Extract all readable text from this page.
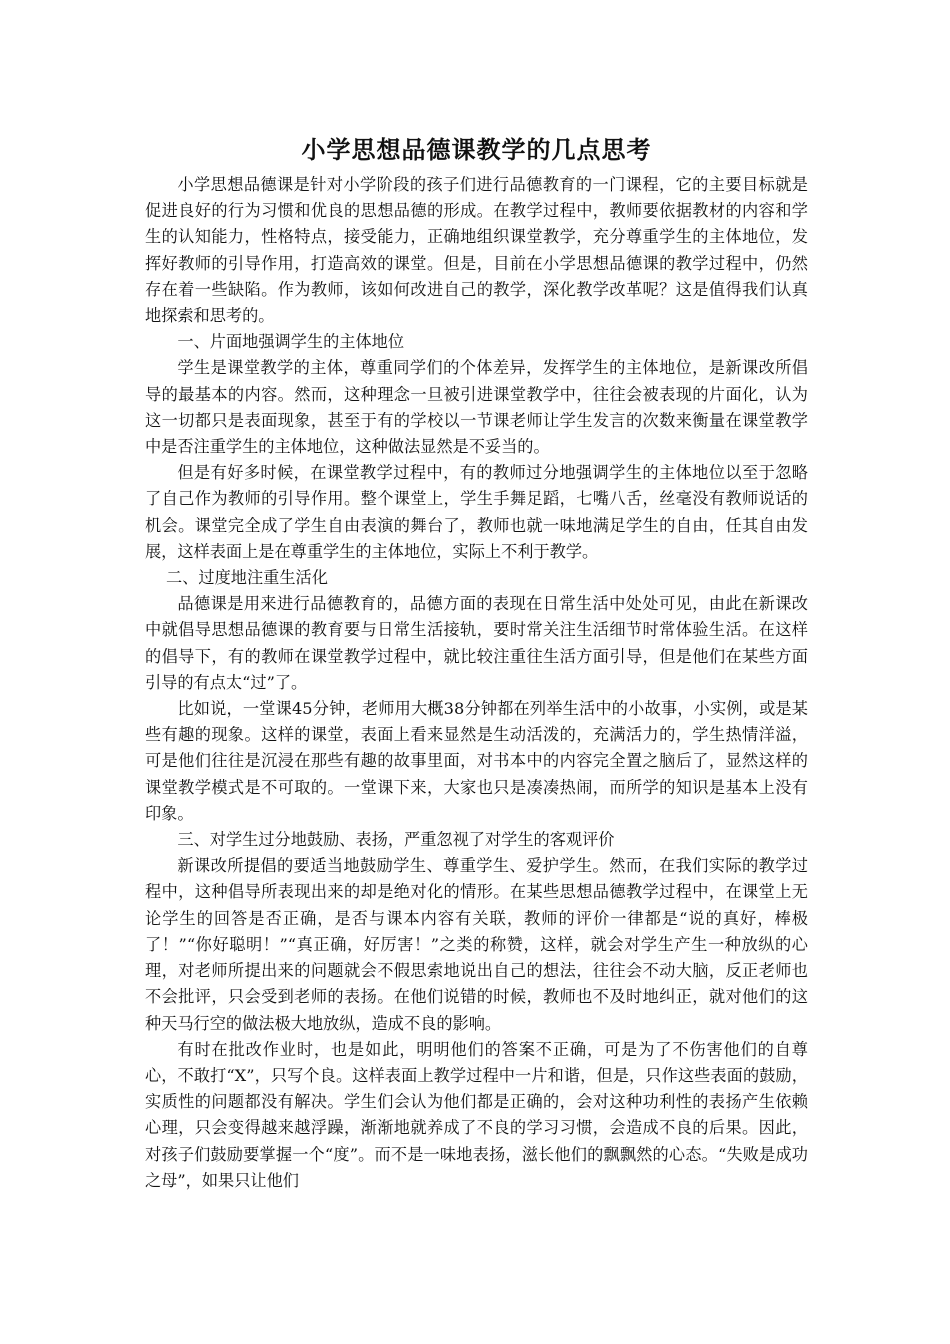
小学思想品德课教学的几点思考

小学思想品德课是针对小学阶段的孩子们进行品德教育的一门课程，它的主要目标就是促进良好的行为习惯和优良的思想品德的形成。在教学过程中，教师要依据教材的内容和学生的认知能力，性格特点，接受能力，正确地组织课堂教学，充分尊重学生的主体地位，发挥好教师的引导作用，打造高效的课堂。但是，目前在小学思想品德课的教学过程中，仍然存在着一些缺陷。作为教师，该如何改进自己的教学，深化教学改革呢？这是值得我们认真地探索和思考的。

一、片面地强调学生的主体地位

学生是课堂教学的主体，尊重同学们的个体差异，发挥学生的主体地位，是新课改所倡导的最基本的内容。然而，这种理念一旦被引进课堂教学中，往往会被表现的片面化，认为这一切都只是表面现象，甚至于有的学校以一节课老师让学生发言的次数来衡量在课堂教学中是否注重学生的主体地位，这种做法显然是不妥当的。

但是有好多时候，在课堂教学过程中，有的教师过分地强调学生的主体地位以至于忽略了自己作为教师的引导作用。整个课堂上，学生手舞足蹈，七嘴八舌，丝毫没有教师说话的机会。课堂完全成了学生自由表演的舞台了，教师也就一味地满足学生的自由，任其自由发展，这样表面上是在尊重学生的主体地位，实际上不利于教学。

二、过度地注重生活化

品德课是用来进行品德教育的，品德方面的表现在日常生活中处处可见，由此在新课改中就倡导思想品德课的教育要与日常生活接轨，要时常关注生活细节时常体验生活。在这样的倡导下，有的教师在课堂教学过程中，就比较注重往生活方面引导，但是他们在某些方面引导的有点太“过”了。

比如说，一堂课45分钟，老师用大概38分钟都在列举生活中的小故事，小实例，或是某些有趣的现象。这样的课堂，表面上看来显然是生动活泼的，充满活力的，学生热情洋溢，可是他们往往是沉浸在那些有趣的故事里面，对书本中的内容完全置之脑后了，显然这样的课堂教学模式是不可取的。一堂课下来，大家也只是凑凑热闹，而所学的知识是基本上没有印象。

三、对学生过分地鼓励、表扬，严重忽视了对学生的客观评价

新课改所提倡的要适当地鼓励学生、尊重学生、爱护学生。然而，在我们实际的教学过程中，这种倡导所表现出来的却是绝对化的情形。在某些思想品德教学过程中，在课堂上无论学生的回答是否正确，是否与课本内容有关联，教师的评价一律都是“说的真好，棒极了！”“你好聪明！”“真正确，好厉害！”之类的称赞，这样，就会对学生产生一种放纵的心理，对老师所提出来的问题就会不假思索地说出自己的想法，往往会不动大脑，反正老师也不会批评，只会受到老师的表扬。在他们说错的时候，教师也不及时地纠正，就对他们的这种天马行空的做法极大地放纵，造成不良的影响。

有时在批改作业时，也是如此，明明他们的答案不正确，可是为了不伤害他们的自尊心，不敢打“X”，只写个良。这样表面上教学过程中一片和谐，但是，只作这些表面的鼓励，实质性的问题都没有解决。学生们会认为他们都是正确的，会对这种功利性的表扬产生依赖心理，只会变得越来越浮躁，渐渐地就养成了不良的学习习惯，会造成不良的后果。因此，对孩子们鼓励要掌握一个“度”。而不是一味地表扬，滋长他们的飘飘然的心态。“失败是成功之母”，如果只让他们
